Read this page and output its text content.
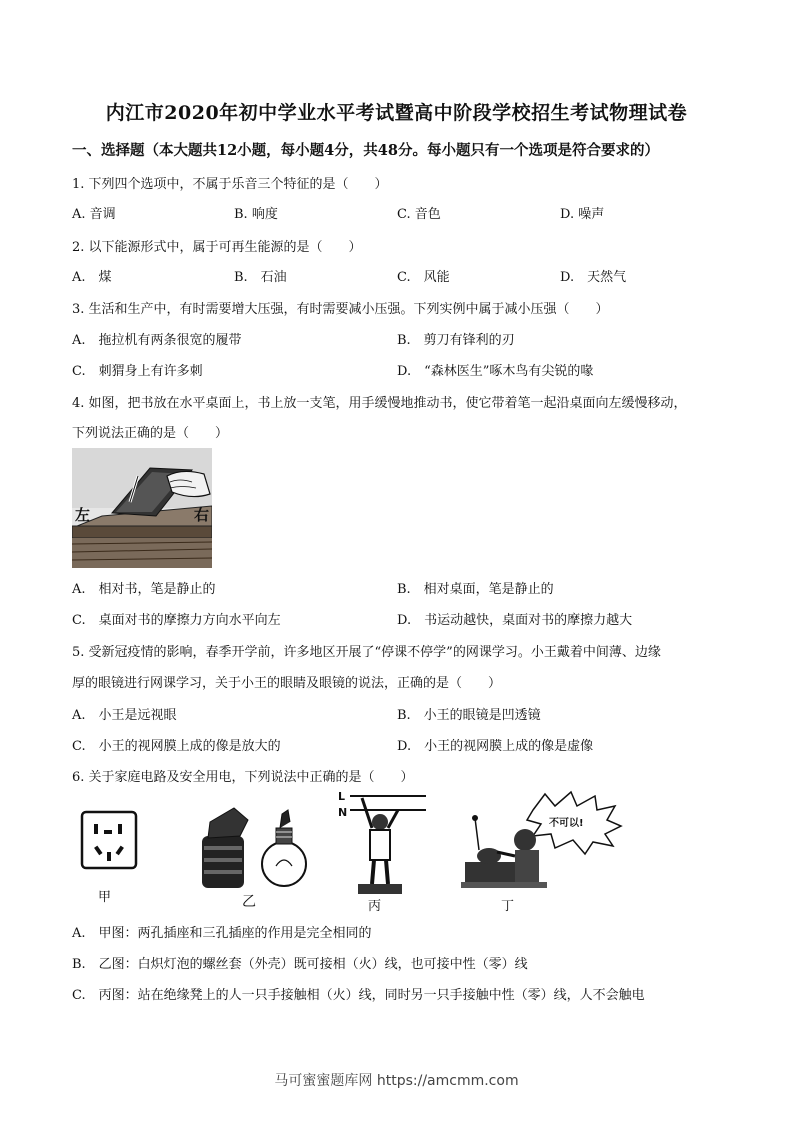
内江市2020年初中学业水平考试暨高中阶段学校招生考试物理试卷
一、选择题（本大题共12小题，每小题4分，共48分。每小题只有一个选项是符合要求的）
1. 下列四个选项中，不属于乐音三个特征的是（　　）
A. 音调	B. 响度	C. 音色	D. 噪声
2. 以下能源形式中，属于可再生能源的是（　　）
A.　煤	B.　石油	C.　风能	D.　天然气
3. 生活和生产中，有时需要增大压强，有时需要减小压强。下列实例中属于减小压强（　　）
A.　拖拉机有两条很宽的履带	B.　剪刀有锋利的刃
C.　刺猬身上有许多刺	D.　“森林医生”啄木鸟有尖锐的喙
4. 如图，把书放在水平桌面上，书上放一支笔，用手缓慢地推动书，使它带着笔一起沿桌面向左缓慢移动，
下列说法正确的是（　　）
左	右
A.　相对书，笔是静止的	B.　相对桌面，笔是静止的
C.　桌面对书的摩擦力方向水平向左	D.　书运动越快，桌面对书的摩擦力越大
5. 受新冠疫情的影响，春季开学前，许多地区开展了“停课不停学”的网课学习。小王戴着中间薄、边缘
厚的眼镜进行网课学习，关于小王的眼睛及眼镜的说法，正确的是（　　）
A.　小王是远视眼	B.　小王的眼镜是凹透镜
C.　小王的视网膜上成的像是放大的	D.　小王的视网膜上成的像是虚像
6. 关于家庭电路及安全用电，下列说法中正确的是（　　）
甲	乙
L
N
丙
不可以!
丁
A.　甲图：两孔插座和三孔插座的作用是完全相同的
B.　乙图：白炽灯泡的螺丝套（外壳）既可接相（火）线，也可接中性（零）线
C.　丙图：站在绝缘凳上的人一只手接触相（火）线，同时另一只手接触中性（零）线，人不会触电
马可蜜蜜题库网 https://amcmm.com
